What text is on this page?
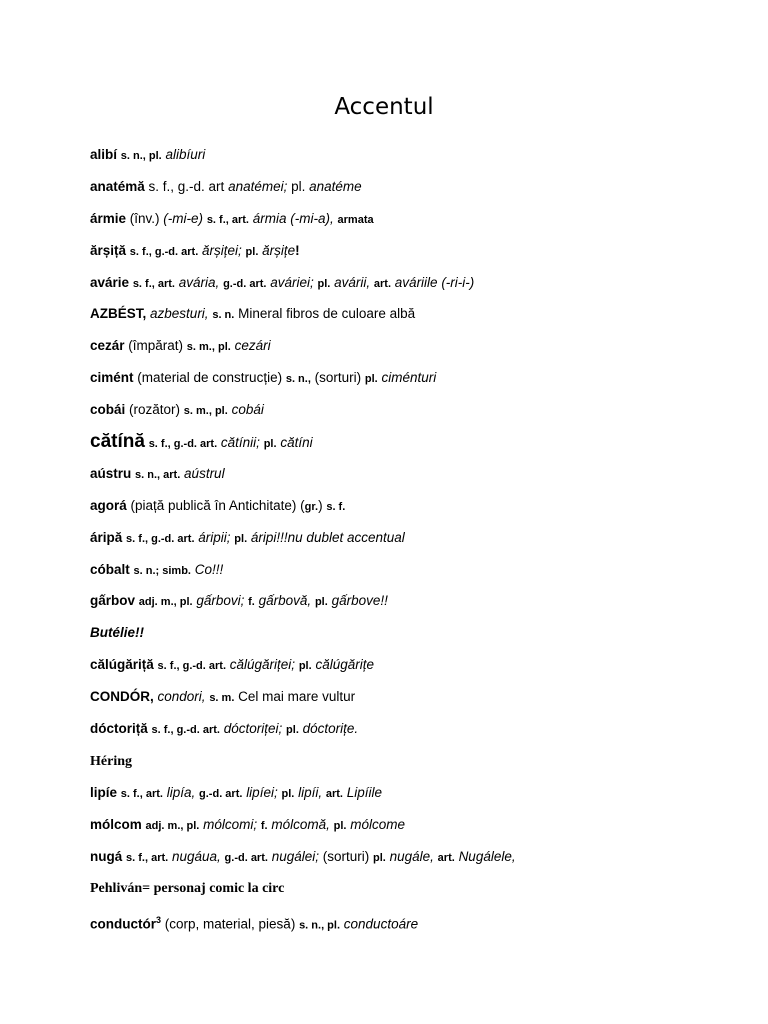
Accentul
alibí s. n., pl. alibíuri
anatémă s. f., g.-d. art anatémei; pl. anatéme
ármie (înv.) (-mi-e) s. f., art. ármia (-mi-a), armata
ărșiță s. f., g.-d. art. ărșiței; pl. ărșițe!
avárie s. f., art. avária, g.-d. art. aváriei; pl. avárii, art. aváriile (-ri-i-)
AZBÉST, azbesturi, s. n. Mineral fibros de culoare albă
cezár (împărat) s. m., pl. cezári
cimént (material de construcție) s. n., (sorturi) pl. ciménturi
cobái (rozător) s. m., pl. cobái
cătínă s. f., g.-d. art. cătínii; pl. cătíni
aústru s. n., art. aústrul
agorá (piață publică în Antichitate) (gr.) s. f.
áripă s. f., g.-d. art. áripii; pl. áripi!!!nu dublet accentual
cóbalt s. n.; simb. Co!!!
gấrbov adj. m., pl. gấrbovi; f. gấrbovă, pl. gấrbove!!
Butélie!!
călúgăriță s. f., g.-d. art. călúgăriței; pl. călúgărițe
CONDÓR, condori, s. m. Cel mai mare vultur
dóctoriță s. f., g.-d. art. dóctoriței; pl. dóctorițe.
Héring
lipíe s. f., art. lipía, g.-d. art. lipíei; pl. lipíi, art. Lipíile
mólcom adj. m., pl. mólcomi; f. mólcomă, pl. mólcome
nugá s. f., art. nugáua, g.-d. art. nugálei; (sorturi) pl. nugále, art. Nugálele,
Pehliván= personaj comic la circ
conductór$^3$ (corp, material, piesă) s. n., pl. conductoáre
